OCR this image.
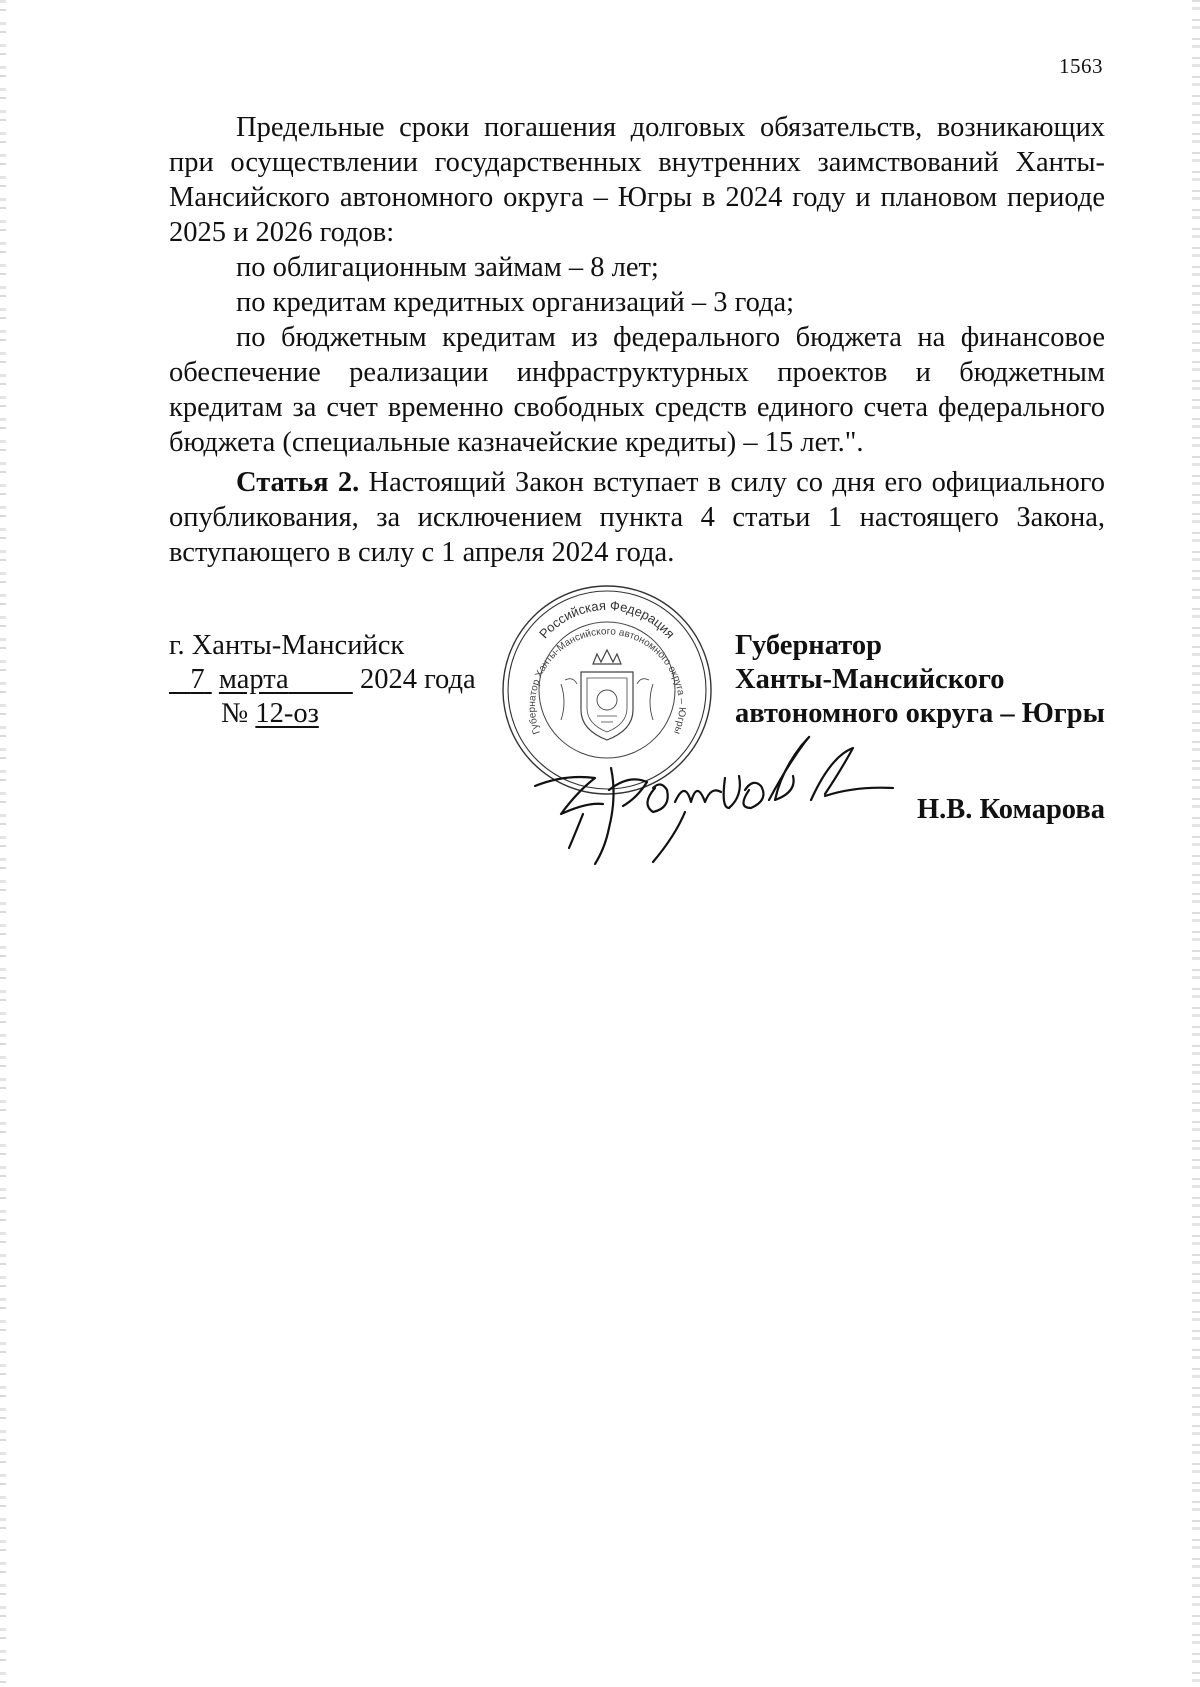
1563

Предельные сроки погашения долговых обязательств, возникающих при осуществлении государственных внутренних заимствований Ханты-Мансийского автономного округа – Югры в 2024 году и плановом периоде 2025 и 2026 годов:

по облигационным займам – 8 лет;

по кредитам кредитных организаций – 3 года;

по бюджетным кредитам из федерального бюджета на финансовое обеспечение реализации инфраструктурных проектов и бюджетным кредитам за счет временно свободных средств единого счета федерального бюджета (специальные казначейские кредиты) – 15 лет.".

Статья 2. Настоящий Закон вступает в силу со дня его официального опубликования, за исключением пункта 4 статьи 1 настоящего Закона, вступающего в силу с 1 апреля 2024 года.

г. Ханты-Мансийск
7 марта	2024 года
№ 12-оз
Российская Федерация
Губернатор Ханты-Мансийского автономного округа – Югры
Губернатор
Ханты-Мансийского
автономного округа – Югры
Н.В. Комарова
